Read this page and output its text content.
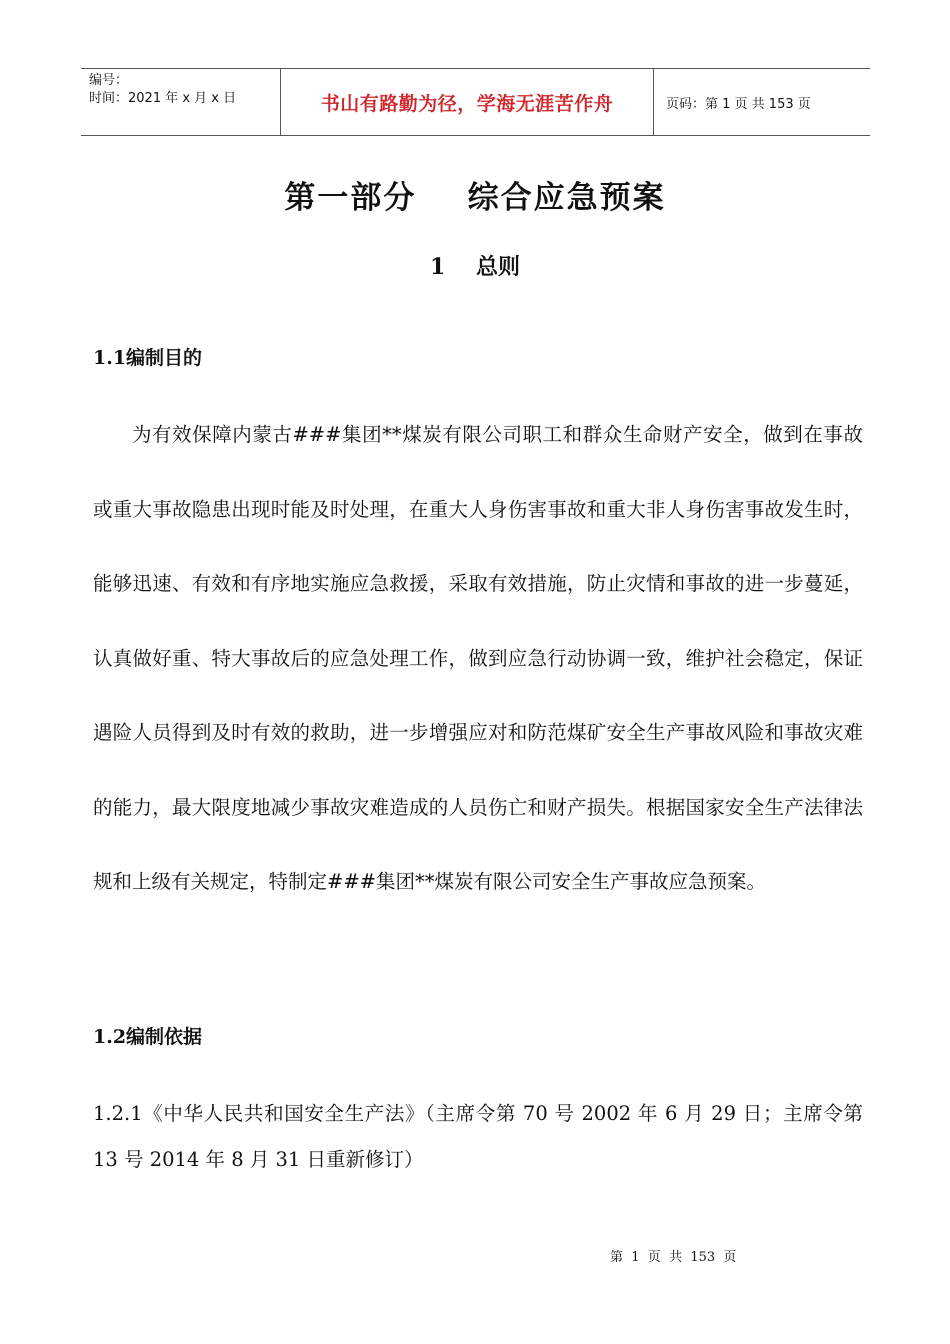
编号：
时间：2021 年 x 月 x 日	书山有路勤为径，学海无涯苦作舟	页码：第 1 页 共 153 页
第一部分    综合应急预案
1    总则
1.1编制目的

为有效保障内蒙古###集团**煤炭有限公司职工和群众生命财产安全，做到在事故或重大事故隐患出现时能及时处理，在重大人身伤害事故和重大非人身伤害事故发生时，能够迅速、有效和有序地实施应急救援，采取有效措施，防止灾情和事故的进一步蔓延，认真做好重、特大事故后的应急处理工作，做到应急行动协调一致，维护社会稳定，保证遇险人员得到及时有效的救助，进一步增强应对和防范煤矿安全生产事故风险和事故灾难的能力，最大限度地减少事故灾难造成的人员伤亡和财产损失。根据国家安全生产法律法规和上级有关规定，特制定###集团**煤炭有限公司安全生产事故应急预案。

1.2编制依据

1.2.1《中华人民共和国安全生产法》（主席令第 70 号 2002 年 6 月 29 日；主席令第 13 号 2014 年 8 月 31 日重新修订）

第  1  页  共  153  页
